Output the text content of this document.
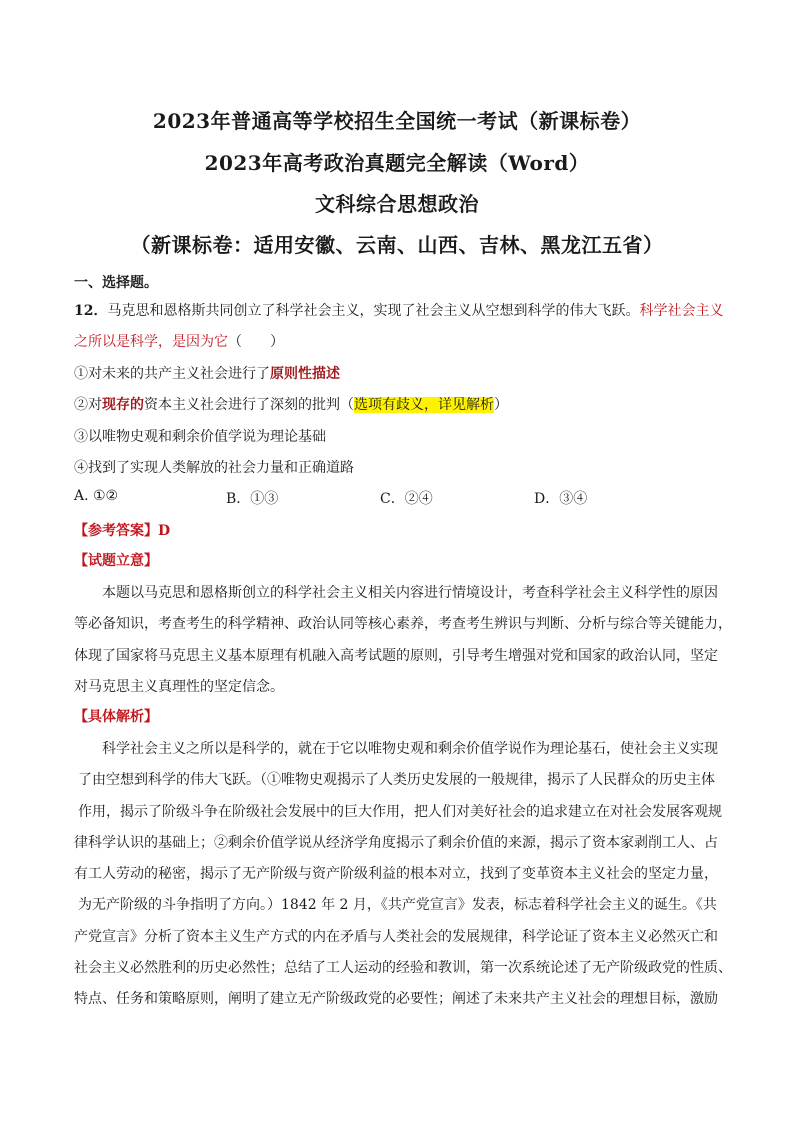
2023年普通高等学校招生全国统一考试（新课标卷）
2023年高考政治真题完全解读（Word）
文科综合思想政治
（新课标卷：适用安徽、云南、山西、吉林、黑龙江五省）
一、选择题。
12．马克思和恩格斯共同创立了科学社会主义，实现了社会主义从空想到科学的伟大飞跃。科学社会主义
之所以是科学，是因为它（　　）
①对未来的共产主义社会进行了原则性描述
②对现存的资本主义社会进行了深刻的批判（选项有歧义，详见解析）
③以唯物史观和剩余价值学说为理论基础
④找到了实现人类解放的社会力量和正确道路
A. ①②	B．①③	C．②④	D．③④
【参考答案】D
【试题立意】
本题以马克思和恩格斯创立的科学社会主义相关内容进行情境设计，考查科学社会主义科学性的原因
等必备知识，考查考生的科学精神、政治认同等核心素养，考查考生辨识与判断、分析与综合等关键能力，
体现了国家将马克思主义基本原理有机融入高考试题的原则，引导考生增强对党和国家的政治认同，坚定
对马克思主义真理性的坚定信念。
【具体解析】
科学社会主义之所以是科学的，就在于它以唯物史观和剩余价值学说作为理论基石，使社会主义实现
了由空想到科学的伟大飞跃。（①唯物史观揭示了人类历史发展的一般规律，揭示了人民群众的历史主体
作用，揭示了阶级斗争在阶级社会发展中的巨大作用，把人们对美好社会的追求建立在对社会发展客观规
律科学认识的基础上；②剩余价值学说从经济学角度揭示了剩余价值的来源，揭示了资本家剥削工人、占
有工人劳动的秘密，揭示了无产阶级与资产阶级利益的根本对立，找到了变革资本主义社会的坚定力量，
为无产阶级的斗争指明了方向。）1842 年 2 月，《共产党宣言》发表，标志着科学社会主义的诞生。《共
产党宣言》分析了资本主义生产方式的内在矛盾与人类社会的发展规律，科学论证了资本主义必然灭亡和
社会主义必然胜利的历史必然性；总结了工人运动的经验和教训，第一次系统论述了无产阶级政党的性质、
特点、任务和策略原则，阐明了建立无产阶级政党的必要性；阐述了未来共产主义社会的理想目标，激励
